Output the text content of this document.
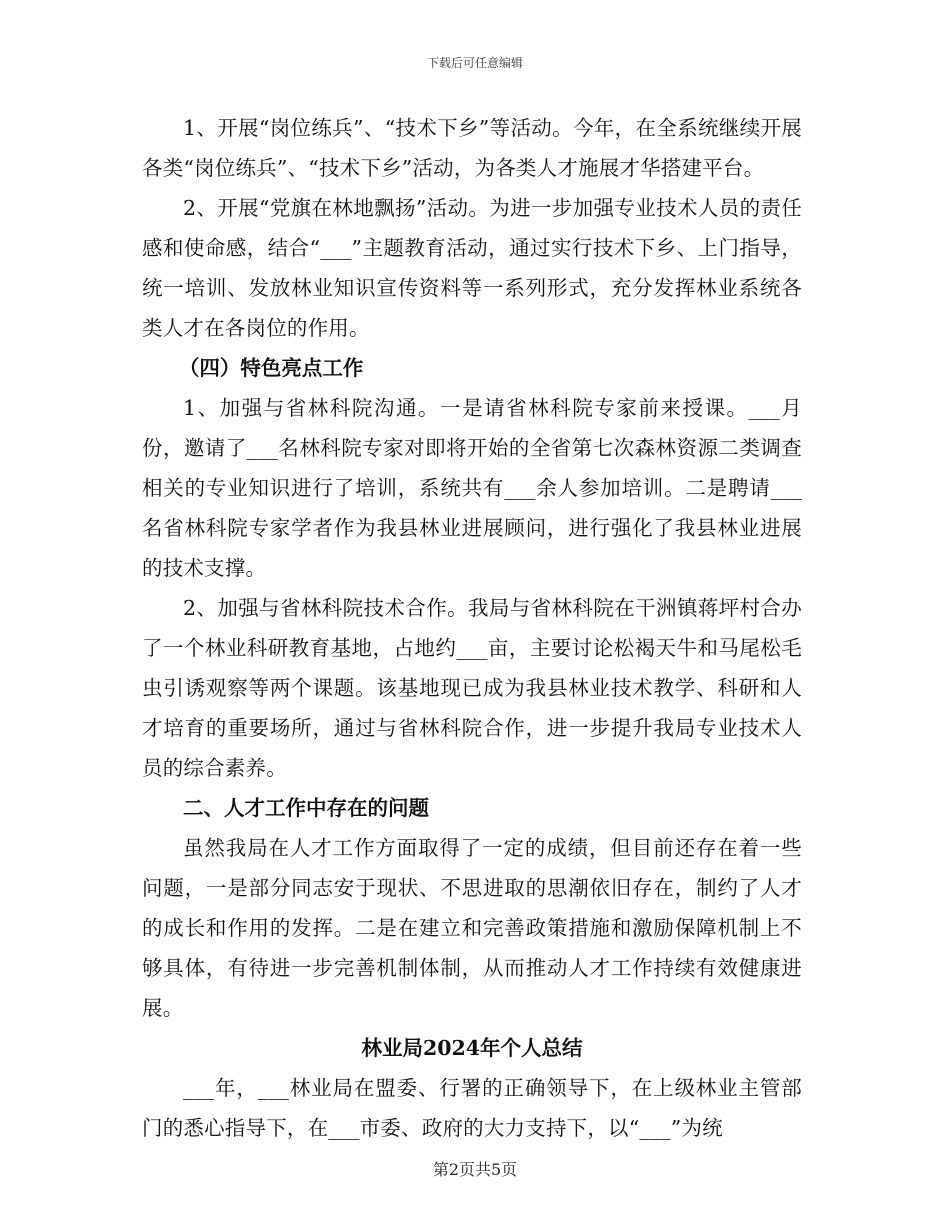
下载后可任意编辑

1、开展“岗位练兵”、“技术下乡”等活动。今年，在全系统继续开展各类“岗位练兵”、“技术下乡”活动，为各类人才施展才华搭建平台。

2、开展“党旗在林地飘扬”活动。为进一步加强专业技术人员的责任感和使命感，结合“___”主题教育活动，通过实行技术下乡、上门指导，统一培训、发放林业知识宣传资料等一系列形式，充分发挥林业系统各类人才在各岗位的作用。

（四）特色亮点工作

1、加强与省林科院沟通。一是请省林科院专家前来授课。___月份，邀请了___名林科院专家对即将开始的全省第七次森林资源二类调查相关的专业知识进行了培训，系统共有___余人参加培训。二是聘请___名省林科院专家学者作为我县林业进展顾问，进行强化了我县林业进展的技术支撑。

2、加强与省林科院技术合作。我局与省林科院在干洲镇蒋坪村合办了一个林业科研教育基地，占地约___亩，主要讨论松褐天牛和马尾松毛虫引诱观察等两个课题。该基地现已成为我县林业技术教学、科研和人才培育的重要场所，通过与省林科院合作，进一步提升我局专业技术人员的综合素养。

二、人才工作中存在的问题

虽然我局在人才工作方面取得了一定的成绩，但目前还存在着一些问题，一是部分同志安于现状、不思进取的思潮依旧存在，制约了人才的成长和作用的发挥。二是在建立和完善政策措施和激励保障机制上不够具体，有待进一步完善机制体制，从而推动人才工作持续有效健康进展。

林业局2024年个人总结

___年，___林业局在盟委、行署的正确领导下，在上级林业主管部门的悉心指导下，在___市委、政府的大力支持下，以“___”为统

第2页共5页
